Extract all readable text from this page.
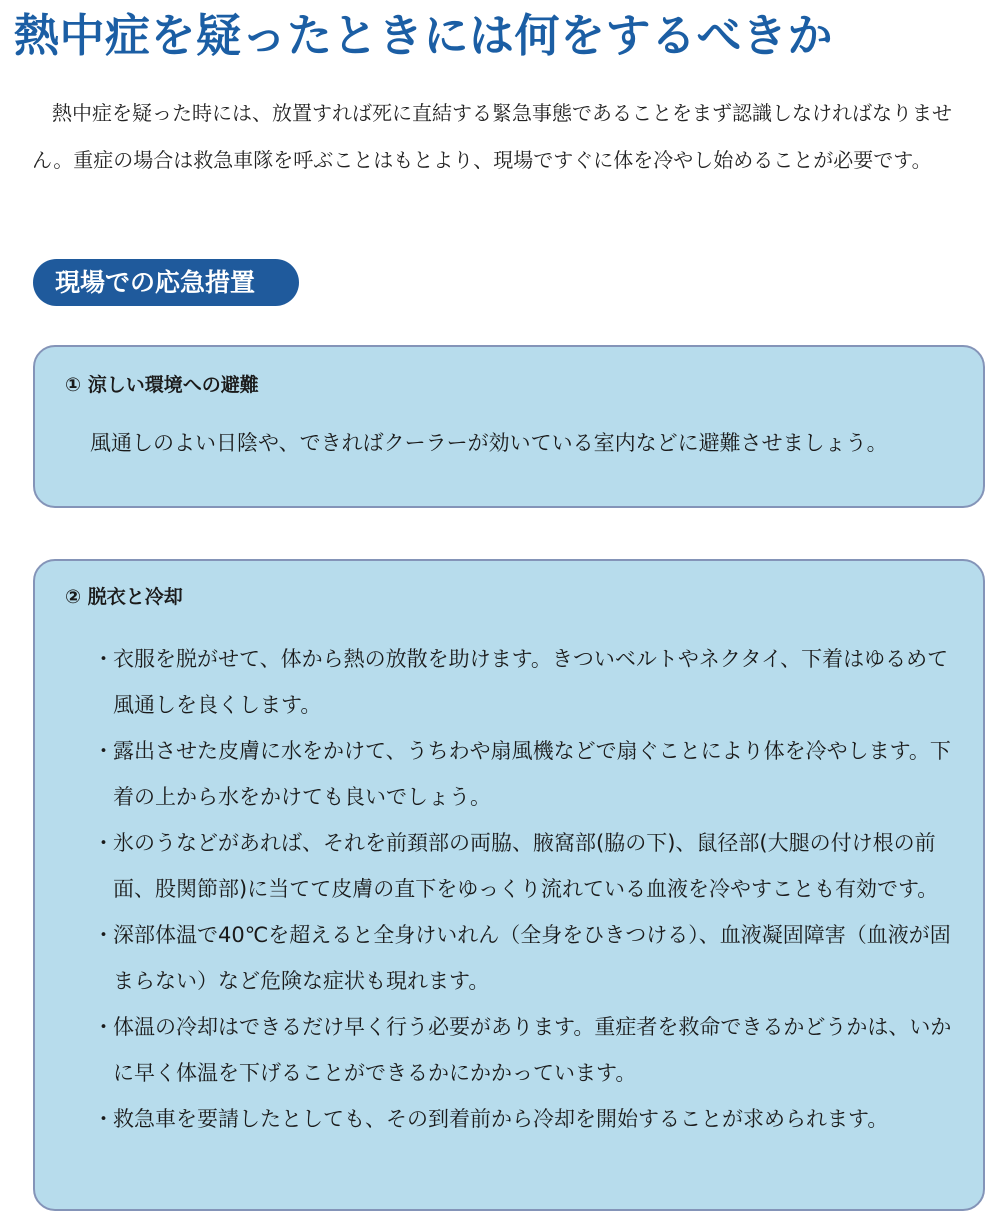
熱中症を疑ったときには何をするべきか

熱中症を疑った時には、放置すれば死に直結する緊急事態であることをまず認識しなければなりません。重症の場合は救急車隊を呼ぶことはもとより、現場ですぐに体を冷やし始めることが必要です。

現場での応急措置
① 涼しい環境への避難

風通しのよい日陰や、できればクーラーが効いている室内などに避難させましょう。

② 脱衣と冷却
・ 衣服を脱がせて、体から熱の放散を助けます。きついベルトやネクタイ、下着はゆるめて風通しを良くします。
・ 露出させた皮膚に水をかけて、うちわや扇風機などで扇ぐことにより体を冷やします。下着の上から水をかけても良いでしょう。
・ 氷のうなどがあれば、それを前頚部の両脇、腋窩部(脇の下)、鼠径部(大腿の付け根の前面、股関節部)に当てて皮膚の直下をゆっくり流れている血液を冷やすことも有効です。
・ 深部体温で40℃を超えると全身けいれん（全身をひきつける）、血液凝固障害（血液が固まらない）など危険な症状も現れます。
・ 体温の冷却はできるだけ早く行う必要があります。重症者を救命できるかどうかは、いかに早く体温を下げることができるかにかかっています。
・ 救急車を要請したとしても、その到着前から冷却を開始することが求められます。
